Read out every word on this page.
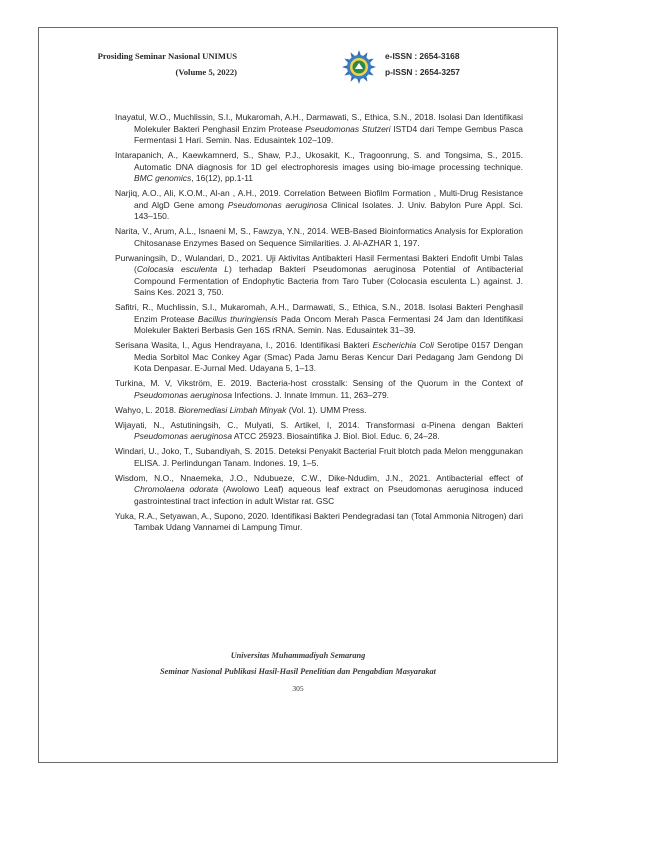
Prosiding Seminar Nasional UNIMUS
(Volume 5, 2022)
e-ISSN : 2654-3168
p-ISSN : 2654-3257

Inayatul, W.O., Muchlissin, S.I., Mukaromah, A.H., Darmawati, S., Ethica, S.N., 2018. Isolasi Dan Identifikasi Molekuler Bakteri Penghasil Enzim Protease Pseudomonas Stutzeri ISTD4 dari Tempe Gembus Pasca Fermentasi 1 Hari. Semin. Nas. Edusaintek 102–109.

Intarapanich, A., Kaewkamnerd, S., Shaw, P.J., Ukosakit, K., Tragoonrung, S. and Tongsima, S., 2015. Automatic DNA diagnosis for 1D gel electrophoresis images using bio-image processing technique. BMC genomics, 16(12), pp.1-11

Narjiq, A.O., Ali, K.O.M., Al-an , A.H., 2019. Correlation Between Biofilm Formation , Multi-Drug Resistance and AlgD Gene among Pseudomonas aeruginosa Clinical Isolates. J. Univ. Babylon Pure Appl. Sci. 143–150.

Narita, V., Arum, A.L., Isnaeni M, S., Fawzya, Y.N., 2014. WEB-Based Bioinformatics Analysis for Exploration Chitosanase Enzymes Based on Sequence Similarities. J. Al-AZHAR 1, 197.

Purwaningsih, D., Wulandari, D., 2021. Uji Aktivitas Antibakteri Hasil Fermentasi Bakteri Endofit Umbi Talas (Colocasia esculenta L) terhadap Bakteri Pseudomonas aeruginosa Potential of Antibacterial Compound Fermentation of Endophytic Bacteria from Taro Tuber (Colocasia esculenta L.) against. J. Sains Kes. 2021 3, 750.

Safitri, R., Muchlissin, S.I., Mukaromah, A.H., Darmawati, S., Ethica, S.N., 2018. Isolasi Bakteri Penghasil Enzim Protease Bacillus thuringiensis Pada Oncom Merah Pasca Fermentasi 24 Jam dan Identifikasi Molekuler Bakteri Berbasis Gen 16S rRNA. Semin. Nas. Edusaintek 31–39.

Serisana Wasita, I., Agus Hendrayana, I., 2016. Identifikasi Bakteri Escherichia Coli Serotipe 0157 Dengan Media Sorbitol Mac Conkey Agar (Smac) Pada Jamu Beras Kencur Dari Pedagang Jam Gendong Di Kota Denpasar. E-Jurnal Med. Udayana 5, 1–13.

Turkina, M. V, Vikström, E. 2019. Bacteria-host crosstalk: Sensing of the Quorum in the Context of Pseudomonas aeruginosa Infections. J. Innate Immun. 11, 263–279.

Wahyo, L. 2018. Bioremediasi Limbah Minyak (Vol. 1). UMM Press.

Wijayati, N., Astutiningsih, C., Mulyati, S. Artikel, I, 2014. Transformasi α-Pinena dengan Bakteri Pseudomonas aeruginosa ATCC 25923. Biosaintifika J. Biol. Biol. Educ. 6, 24–28.

Windari, U., Joko, T., Subandiyah, S. 2015. Deteksi Penyakit Bacterial Fruit blotch pada Melon menggunakan ELISA. J. Perlindungan Tanam. Indones. 19, 1–5.

Wisdom, N.O., Nnaemeka, J.O., Ndubueze, C.W., Dike-Ndudim, J.N., 2021. Antibacterial effect of Chromolaena odorata (Awolowo Leaf) aqueous leaf extract on Pseudomonas aeruginosa induced gastrointestinal tract infection in adult Wistar rat. GSC

Yuka, R.A., Setyawan, A., Supono, 2020. Identifikasi Bakteri Pendegradasi tan (Total Ammonia Nitrogen) dari Tambak Udang Vannamei di Lampung Timur.

Universitas Muhammadiyah Semarang
Seminar Nasional Publikasi Hasil-Hasil Penelitian dan Pengabdian Masyarakat
305
